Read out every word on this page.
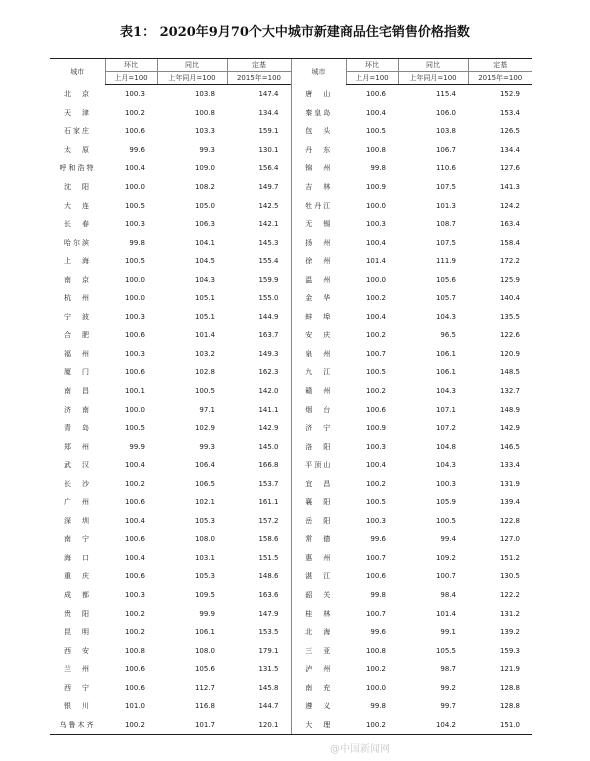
表1： 2020年9月70个大中城市新建商品住宅销售价格指数
城市	环比	同比	定基	城市	环比	同比	定基
	上月=100	上年同月=100	2015年=100		上月=100	上年同月=100	2015年=100
北　京	100.3	103.8	147.4	唐　山	100.6	115.4	152.9
天　津	100.2	100.8	134.4	秦皇岛	100.4	106.0	153.4
石家庄	100.6	103.3	159.1	包　头	100.5	103.8	126.5
太　原	99.6	99.3	130.1	丹　东	100.8	106.7	134.4
呼和浩特	100.4	109.0	156.4	锦　州	99.8	110.6	127.6
沈　阳	100.0	108.2	149.7	吉　林	100.9	107.5	141.3
大　连	100.5	105.0	142.5	牡丹江	100.0	101.3	124.2
长　春	100.3	106.3	142.1	无　锡	100.3	108.7	163.4
哈尔滨	99.8	104.1	145.3	扬　州	100.4	107.5	158.4
上　海	100.5	104.5	155.4	徐　州	101.4	111.9	172.2
南　京	100.0	104.3	159.9	温　州	100.0	105.6	125.9
杭　州	100.0	105.1	155.0	金　华	100.2	105.7	140.4
宁　波	100.3	105.1	144.9	蚌　埠	100.4	104.3	135.5
合　肥	100.6	101.4	163.7	安　庆	100.2	96.5	122.6
福　州	100.3	103.2	149.3	泉　州	100.7	106.1	120.9
厦　门	100.6	102.8	162.3	九　江	100.5	106.1	148.5
南　昌	100.1	100.5	142.0	赣　州	100.2	104.3	132.7
济　南	100.0	97.1	141.1	烟　台	100.6	107.1	148.9
青　岛	100.5	102.9	142.9	济　宁	100.9	107.2	142.9
郑　州	99.9	99.3	145.0	洛　阳	100.3	104.8	146.5
武　汉	100.4	106.4	166.8	平顶山	100.4	104.3	133.4
长　沙	100.2	106.5	153.7	宜　昌	100.2	100.3	131.9
广　州	100.6	102.1	161.1	襄　阳	100.5	105.9	139.4
深　圳	100.4	105.3	157.2	岳　阳	100.3	100.5	122.8
南　宁	100.6	108.0	158.6	常　德	99.6	99.4	127.0
海　口	100.4	103.1	151.5	惠　州	100.7	109.2	151.2
重　庆	100.6	105.3	148.6	湛　江	100.6	100.7	130.5
成　都	100.3	109.5	163.6	韶　关	99.8	98.4	122.2
贵　阳	100.2	99.9	147.9	桂　林	100.7	101.4	131.2
昆　明	100.2	106.1	153.5	北　海	99.6	99.1	139.2
西　安	100.8	108.0	179.1	三　亚	100.8	105.5	159.3
兰　州	100.6	105.6	131.5	泸　州	100.2	98.7	121.9
西　宁	100.6	112.7	145.8	南　充	100.0	99.2	128.8
银　川	101.0	116.8	144.7	遵　义	99.8	99.7	128.8
乌鲁木齐	100.2	101.7	120.1	大　理	100.2	104.2	151.0
@中国新闻网
